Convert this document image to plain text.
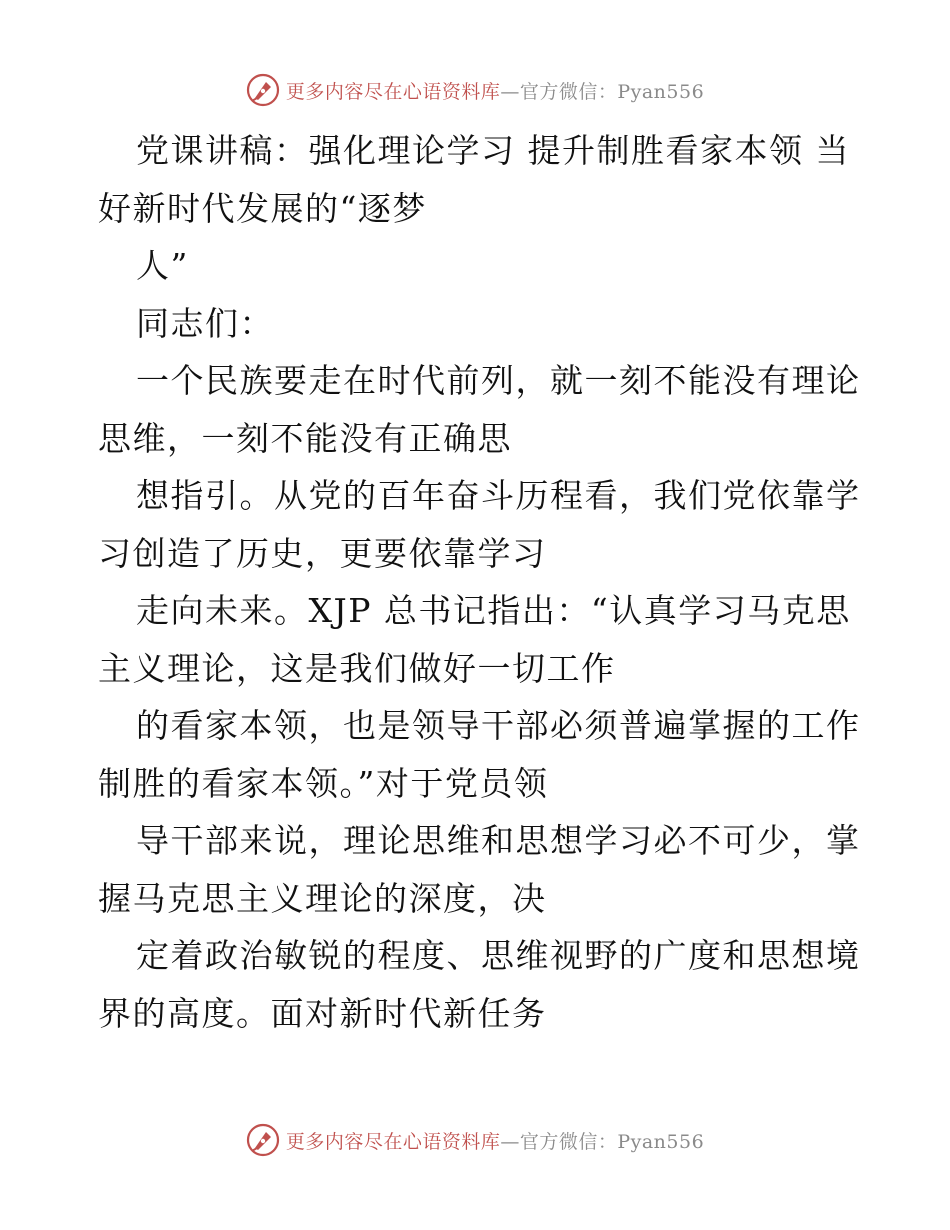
更多内容尽在心语资料库—官方微信：Pyan556
党课讲稿：强化理论学习 提升制胜看家本领 当
好新时代发展的“逐梦
人”
同志们：
一个民族要走在时代前列，就一刻不能没有理论
思维，一刻不能没有正确思
想指引。从党的百年奋斗历程看，我们党依靠学
习创造了历史，更要依靠学习
走向未来。XJP 总书记指出：“认真学习马克思
主义理论，这是我们做好一切工作
的看家本领，也是领导干部必须普遍掌握的工作
制胜的看家本领。”对于党员领
导干部来说，理论思维和思想学习必不可少，掌
握马克思主义理论的深度，决
定着政治敏锐的程度、思维视野的广度和思想境
界的高度。面对新时代新任务
更多内容尽在心语资料库—官方微信：Pyan556
